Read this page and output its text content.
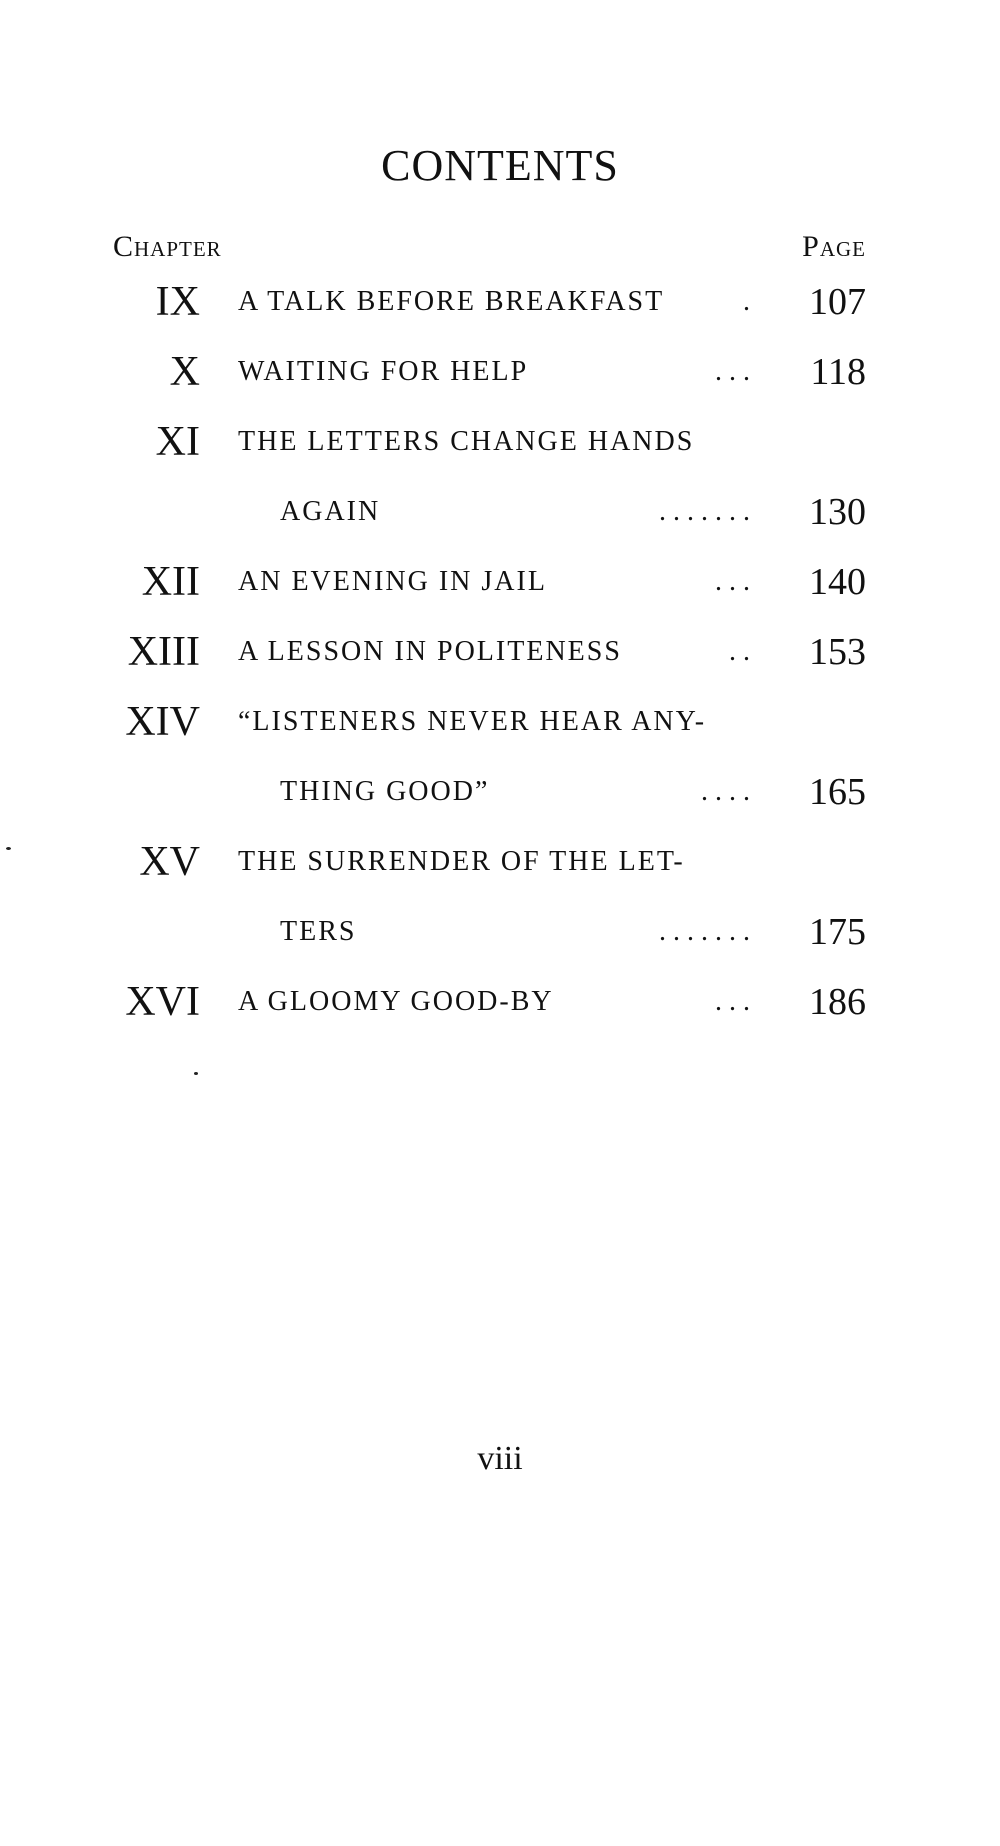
CONTENTS
Chapter	Page
IX A TALK BEFORE BREAKFAST	. 107
X WAITING FOR HELP	. . . 118
XI THE LETTERS CHANGE HANDS
AGAIN	. . . . . . . 130
XII AN EVENING IN JAIL	. . . 140
XIII A LESSON IN POLITENESS	. . 153
XIV “LISTENERS NEVER HEAR ANY-
THING GOOD”	. . . . 165
XV THE SURRENDER OF THE LET-
TERS	. . . . . . . 175
XVI A GLOOMY GOOD-BY	. . . 186
viii
